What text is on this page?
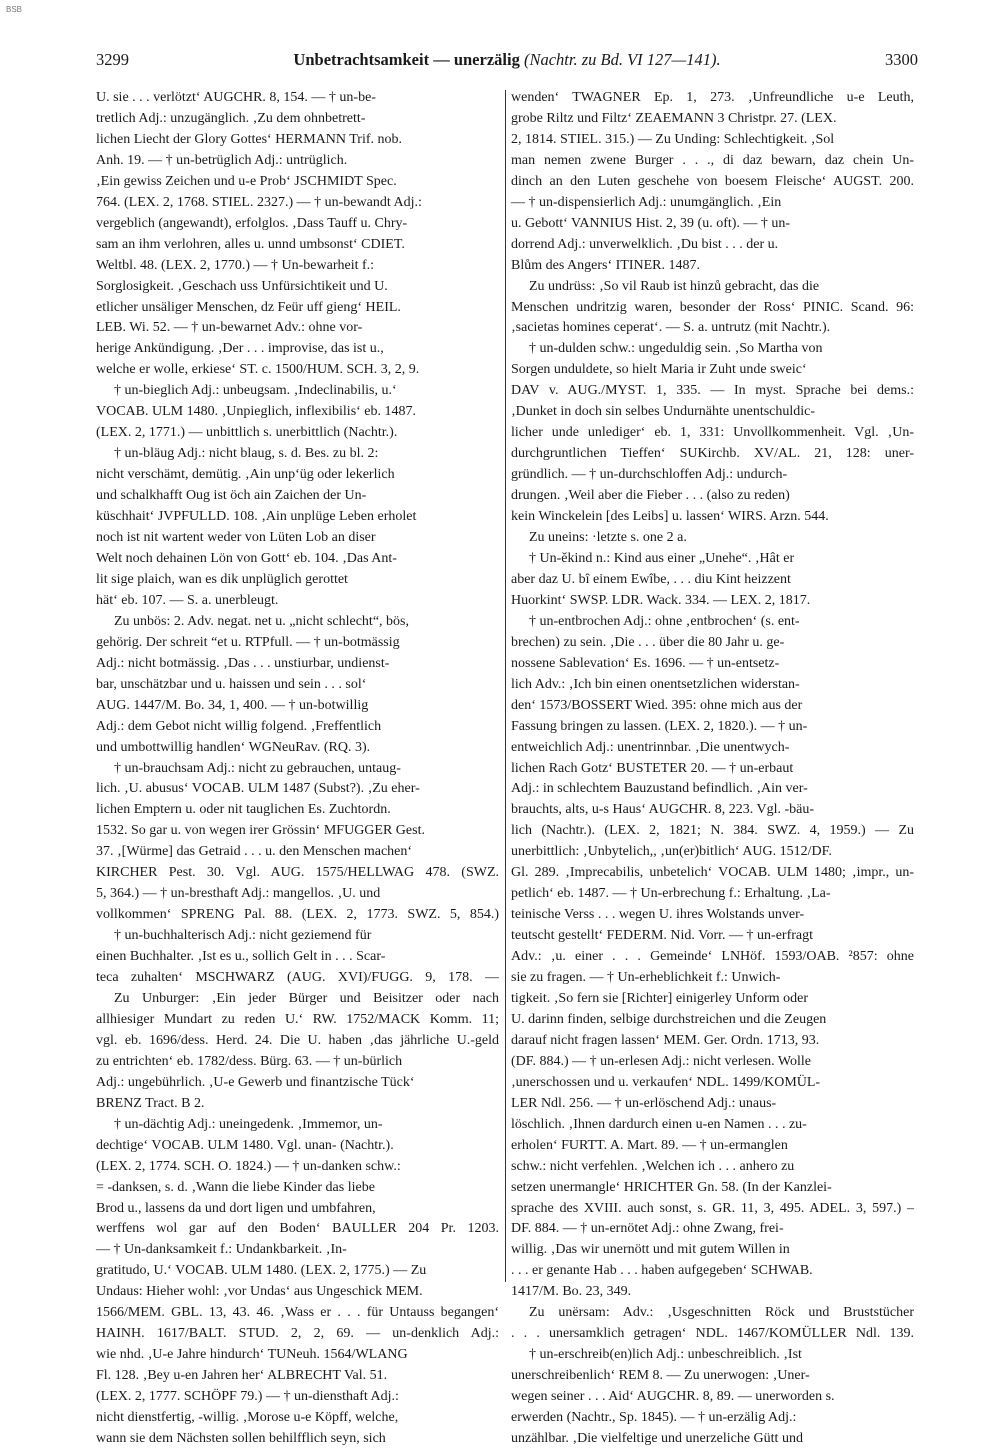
BSB
3299	Unbetrachtsamkeit — unerzälig (Nachtr. zu Bd. VI 127—141).	3300
U. sie . . . verlötzt‘ AUGCHR. 8, 154. — † un-be-
tretlich Adj.: unzugänglich. ‚Zu dem ohnbetrett-
lichen Liecht der Glory Gottes‘ HERMANN Trif. nob.
Anh. 19. — † un-betrüglich Adj.: untrüglich.
‚Ein gewiss Zeichen und u-e Prob‘ JSCHMIDT Spec.
764. (LEX. 2, 1768. STIEL. 2327.) — † un-bewandt Adj.:
vergeblich (angewandt), erfolglos. ‚Dass Tauff u. Chry-
sam an ihm verlohren, alles u. unnd umbsonst‘ CDIET.
Weltbl. 48. (LEX. 2, 1770.) — † Un-bewarheit f.:
Sorglosigkeit. ‚Geschach uss Unfürsichtikeit und U.
etlicher unsäliger Menschen, dz Feür uff gieng‘ HEIL.
LEB. Wi. 52. — † un-bewarnet Adv.: ohne vor-
herige Ankündigung. ‚Der . . . improvise, das ist u.,
welche er wolle, erkiese‘ ST. c. 1500/HUM. SCH. 3, 2, 9.
† un-bieglich Adj.: unbeugsam. ‚Indeclinabilis, u.‘
VOCAB. ULM 1480. ‚Unpieglich, inflexibilis‘ eb. 1487.
(LEX. 2, 1771.) — unbittlich s. unerbittlich (Nachtr.).
† un-bläug Adj.: nicht blaug, s. d. Bes. zu bl. 2:
nicht verschämt, demütig. ‚Ain unp‘üg oder lekerlich
und schalkhafft Oug ist öch ain Zaichen der Un-
küschhait‘ JVPFULLD. 108. ‚Ain unplüge Leben erholet
noch ist nit wartent weder von Lüten Lob an diser
Welt noch dehainen Lön von Gott‘ eb. 104. ‚Das Ant-
lit sige plaich, wan es dik unplüglich gerottet
hät‘ eb. 107. — S. a. unerbleugt.
Zu unbös: 2. Adv. negat. net u. „nicht schlecht“, bös,
gehörig. Der schreit “et u. RTPfull. — † un-botmässig
Adj.: nicht botmässig. ‚Das . . . unstiurbar, undienst-
bar, unschätzbar und u. haissen und sein . . . sol‘
AUG. 1447/M. Bo. 34, 1, 400. — † un-botwillig
Adj.: dem Gebot nicht willig folgend. ‚Freffentlich
und umbottwillig handlen‘ WGNeuRav. (RQ. 3).
† un-brauchsam Adj.: nicht zu gebrauchen, untaug-
lich. ‚U. abusus‘ VOCAB. ULM 1487 (Subst?). ‚Zu eher-
lichen Emptern u. oder nit tauglichen Es. Zuchtordn.
1532. So gar u. von wegen irer Grössin‘ MFUGGER Gest.
37. ‚[Würme] das Getraid . . . u. den Menschen machen‘
KIRCHER Pest. 30. Vgl. AUG. 1575/HELLWAG 478. (SWZ.
5, 364.) — † un-bresthaft Adj.: mangellos. ‚U. und
vollkommen‘ SPRENG Pal. 88. (LEX. 2, 1773. SWZ. 5, 854.)
† un-buchhalterisch Adj.: nicht geziemend für
einen Buchhalter. ‚Ist es u., sollich Gelt in . . . Scar-
teca zuhalten‘ MSCHWARZ (AUG. XVI)/FUGG. 9, 178. —
Zu Unburger: ‚Ein jeder Bürger und Beisitzer oder nach
allhiesiger Mundart zu reden U.‘ RW. 1752/MACK Komm. 11;
vgl. eb. 1696/dess. Herd. 24. Die U. haben ‚das jährliche U.-geld
zu entrichten‘ eb. 1782/dess. Bürg. 63. — † un-bürlich
Adj.: ungebührlich. ‚U-e Gewerb und finantzische Tück‘
BRENZ Tract. B 2.
† un-dächtig Adj.: uneingedenk. ‚Immemor, un-
dechtige‘ VOCAB. ULM 1480. Vgl. unan- (Nachtr.).
(LEX. 2, 1774. SCH. O. 1824.) — † un-danken schw.:
= -danksen, s. d. ‚Wann die liebe Kinder das liebe
Brod u., lassens da und dort ligen und umbfahren,
werffens wol gar auf den Boden‘ BAULLER 204 Pr. 1203.
— † Un-danksamkeit f.: Undankbarkeit. ‚In-
gratitudo, U.‘ VOCAB. ULM 1480. (LEX. 2, 1775.) — Zu
Undaus: Hieher wohl: ‚vor Undas‘ aus Ungeschick MEM.
1566/MEM. GBL. 13, 43. 46. ‚Wass er . . . für Untauss begangen‘
HAINH. 1617/BALT. STUD. 2, 2, 69. — un-denklich Adj.:
wie nhd. ‚U-e Jahre hindurch‘ TUNeuh. 1564/WLANG
Fl. 128. ‚Bey u-en Jahren her‘ ALBRECHT Val. 51.
(LEX. 2, 1777. SCHÖPF 79.) — † un-diensthaft Adj.:
nicht dienstfertig, -willig. ‚Morose u-e Köpff, welche,
wann sie dem Nächsten sollen behilfflich seyn, sich
wenden‘ TWAGNER Ep. 1, 273. ‚Unfreundliche u-e Leuth,
grobe Riltz und Filtz‘ ZEAEMANN 3 Christpr. 27. (LEX.
2, 1814. STIEL. 315.) — Zu Unding: Schlechtigkeit. ‚Sol
man nemen zwene Burger . . ., di daz bewarn, daz chein Un-
dinch an den Luten geschehe von boesem Fleische‘ AUGST. 200.
— † un-dispensierlich Adj.: unumgänglich. ‚Ein
u. Gebott‘ VANNIUS Hist. 2, 39 (u. oft). — † un-
dorrend Adj.: unverwelklich. ‚Du bist . . . der u.
Blům des Angers‘ ITINER. 1487.
Zu undrüss: ‚So vil Raub ist hinzů gebracht, das die
Menschen undritzig waren, besonder der Ross‘ PINIC. Scand. 96:
‚sacietas homines ceperat‘. — S. a. untrutz (mit Nachtr.).
† un-dulden schw.: ungeduldig sein. ‚So Martha von
Sorgen unduldete, so hielt Maria ir Zuht unde sweic‘
DAV v. AUG./MYST. 1, 335. — In myst. Sprache bei dems.:
‚Dunket in doch sin selbes Undurnähte unentschuldic-
licher unde unlediger‘ eb. 1, 331: Unvollkommenheit. Vgl. ‚Un-
durchgruntlichen Tieffen‘ SUKirchb. XV/AL. 21, 128: uner-
gründlich. — † un-durchschloffen Adj.: undurch-
drungen. ‚Weil aber die Fieber . . . (also zu reden)
kein Winckelein [des Leibs] u. lassen‘ WIRS. Arzn. 544.
Zu uneins: ·letzte s. one 2 a.
† Un-ěkind n.: Kind aus einer „Unehe“. ‚Hât er
aber daz U. bî einem Ewîbe, . . . diu Kint heizzent
Huorkint‘ SWSP. LDR. Wack. 334. — LEX. 2, 1817.
† un-entbrochen Adj.: ohne ‚entbrochen‘ (s. ent-
brechen) zu sein. ‚Die . . . über die 80 Jahr u. ge-
nossene Sablevation‘ Es. 1696. — † un-entsetz-
lich Adv.: ‚Ich bin einen onentsetzlichen widerstan-
den‘ 1573/BOSSERT Wied. 395: ohne mich aus der
Fassung bringen zu lassen. (LEX. 2, 1820.). — † un-
entweichlich Adj.: unentrinnbar. ‚Die unentwych-
lichen Rach Gotz‘ BUSTETER 20. — † un-erbaut
Adj.: in schlechtem Bauzustand befindlich. ‚Ain ver-
brauchts, alts, u-s Haus‘ AUGCHR. 8, 223. Vgl. -bäu-
lich (Nachtr.). (LEX. 2, 1821; N. 384. SWZ. 4, 1959.) — Zu
unerbittlich: ‚Unbytelich,, ‚un(er)bitlich‘ AUG. 1512/DF.
Gl. 289. ‚Imprecabilis, unbetelich‘ VOCAB. ULM 1480; ‚impr., un-
petlich‘ eb. 1487. — † Un-erbrechung f.: Erhaltung. ‚La-
teinische Verss . . . wegen U. ihres Wolstands unver-
teutscht gestellt‘ FEDERM. Nid. Vorr. — † un-erfragt
Adv.: ‚u. einer . . . Gemeinde‘ LNHöf. 1593/OAB. ²857: ohne
sie zu fragen. — † Un-erheblichkeit f.: Unwich-
tigkeit. ‚So fern sie [Richter] einigerley Unform oder
U. darinn finden, selbige durchstreichen und die Zeugen
darauf nicht fragen lassen‘ MEM. Ger. Ordn. 1713, 93.
(DF. 884.) — † un-erlesen Adj.: nicht verlesen. Wolle
‚unerschossen und u. verkaufen‘ NDL. 1499/KOMÜL-
LER Ndl. 256. — † un-erlöschend Adj.: unaus-
löschlich. ‚Ihnen dardurch einen u-en Namen . . . zu-
erholen‘ FURTT. A. Mart. 89. — † un-ermanglen
schw.: nicht verfehlen. ‚Welchen ich . . . anhero zu
setzen unermangle‘ HRICHTER Gn. 58. (In der Kanzlei-
sprache des XVIII. auch sonst, s. GR. 11, 3, 495. ADEL. 3, 597.) –
DF. 884. — † un-ernötet Adj.: ohne Zwang, frei-
willig. ‚Das wir unernött und mit gutem Willen in
. . . er genante Hab . . . haben aufgegeben‘ SCHWAB.
1417/M. Bo. 23, 349.
Zu unërsam: Adv.: ‚Usgeschnitten Röck und Bruststücher
. . . unersamklich getragen‘ NDL. 1467/KOMÜLLER Ndl. 139.
† un-erschreib(en)lich Adj.: unbeschreiblich. ‚Ist
unerschreibenlich‘ REM 8. — Zu unerwogen: ‚Uner-
wegen seiner . . . Aid‘ AUGCHR. 8, 89. — unerworden s.
erwerden (Nachtr., Sp. 1845). — † un-erzälig Adj.:
unzählbar. ‚Die vielfeltige und unerzeliche Gütt und
